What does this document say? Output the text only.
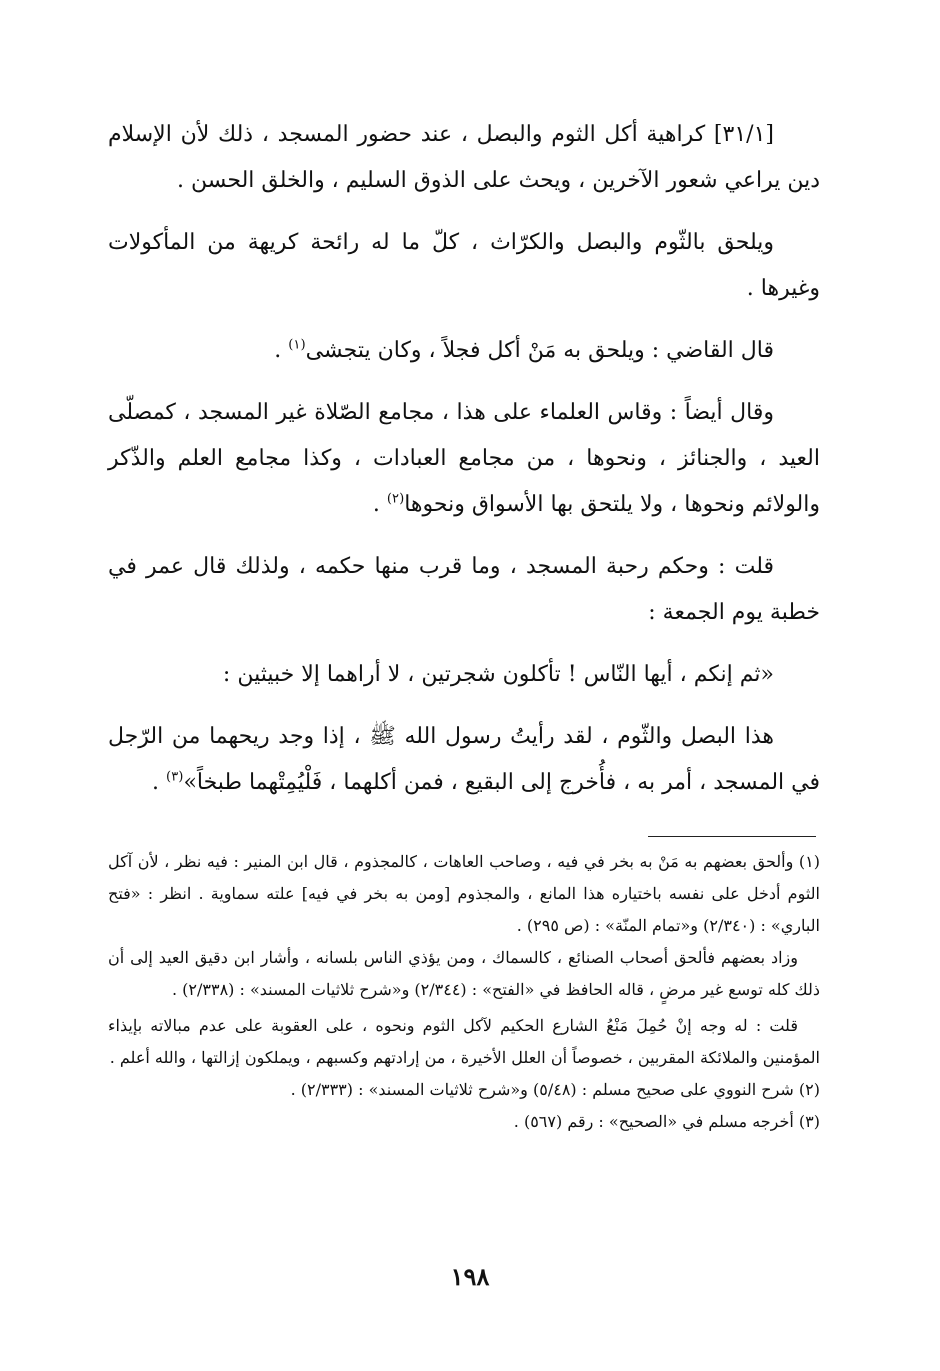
[٣١/١] كراهية أكل الثوم والبصل ، عند حضور المسجد ، ذلك لأن الإسلام دين يراعي شعور الآخرين ، ويحث على الذوق السليم ، والخلق الحسن .

ويلحق بالثّوم والبصل والكرّاث ، كلّ ما له رائحة كريهة من المأكولات وغيرها .

قال القاضي : ويلحق به مَنْ أكل فجلاً ، وكان يتجشى$^{(١)}$ .

وقال أيضاً : وقاس العلماء على هذا ، مجامع الصّلاة غير المسجد ، كمصلّى العيد ، والجنائز ، ونحوها ، من مجامع العبادات ، وكذا مجامع العلم والذّكر والولائم ونحوها ، ولا يلتحق بها الأسواق ونحوها$^{(٢)}$ .

قلت : وحكم رحبة المسجد ، وما قرب منها حكمه ، ولذلك قال عمر في خطبة يوم الجمعة :

«ثم إنكم ، أيها النّاس ! تأكلون شجرتين ، لا أراهما إلا خبيثين :

هذا البصل والثّوم ، لقد رأيتُ رسول الله ﷺ ، إذا وجد ريحهما من الرّجل في المسجد ، أمر به ، فأُخرج إلى البقيع ، فمن أكلهما ، فَلْيُمِتْهما طبخاً»$^{(٣)}$ .

(١) وألحق بعضهم به مَنْ به بخر في فيه ، وصاحب العاهات ، كالمجذوم ، قال ابن المنير : فيه نظر ، لأن آكل الثوم أدخل على نفسه باختياره هذا المانع ، والمجذوم [ومن به بخر في فيه] علته سماوية . انظر : «فتح الباري» : (٢/٣٤٠) و«تمام المنّة» : (ص ٢٩٥) .

وزاد بعضهم فألحق أصحاب الصنائع ، كالسماك ، ومن يؤذي الناس بلسانه ، وأشار ابن دقيق العيد إلى أن ذلك كله توسع غير مرضٍ ، قاله الحافظ في «الفتح» : (٢/٣٤٤) و«شرح ثلاثيات المسند» : (٢/٣٣٨) .

قلت : له وجه إنْ حُمِلَ مَنْعُ الشارع الحكيم لآكل الثوم ونحوه ، على العقوبة على عدم مبالاته بإيذاء المؤمنين والملائكة المقربين ، خصوصاً أن العلل الأخيرة ، من إرادتهم وكسبهم ، ويملكون إزالتها ، والله أعلم .

(٢) شرح النووي على صحيح مسلم : (٥/٤٨) و«شرح ثلاثيات المسند» : (٢/٣٣٣) .

(٣) أخرجه مسلم في «الصحيح» : رقم (٥٦٧) .

١٩٨
